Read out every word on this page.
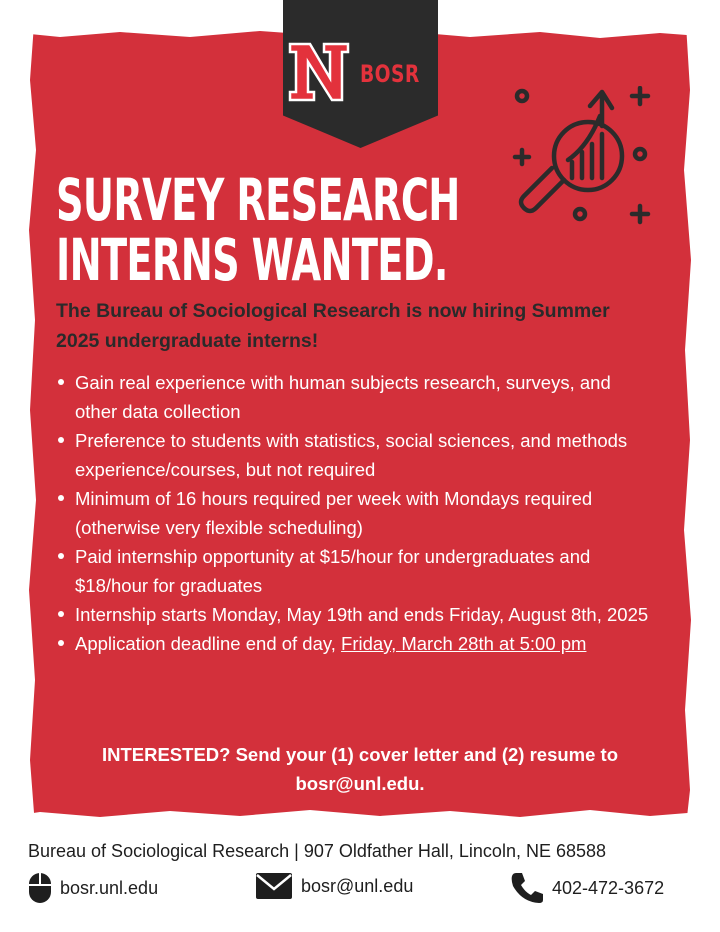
BOSR
SURVEY RESEARCH
INTERNS WANTED.

The Bureau of Sociological Research is now hiring Summer 2025 undergraduate interns!

Gain real experience with human subjects research, surveys, and other data collection
Preference to students with statistics, social sciences, and methods experience/courses, but not required
Minimum of 16 hours required per week with Mondays required (otherwise very flexible scheduling)
Paid internship opportunity at $15/hour for undergraduates and $18/hour for graduates
Internship starts Monday, May 19th and ends Friday, August 8th, 2025
Application deadline end of day, Friday, March 28th at 5:00 pm

INTERESTED? Send your (1) cover letter and (2) resume to bosr@unl.edu.

Bureau of Sociological Research | 907 Oldfather Hall, Lincoln, NE 68588

bosr.unl.edu	bosr@unl.edu	402-472-3672
